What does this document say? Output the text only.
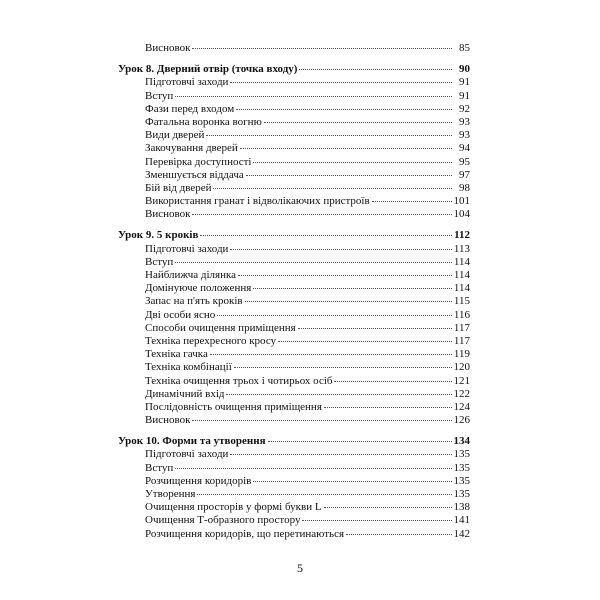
Висновок	85
Урок 8. Дверний отвір (точка входу)	90
Підготовчі заходи	91
Вступ	91
Фази перед входом	92
Фатальна воронка вогню	93
Види дверей	93
Закочування дверей	94
Перевірка доступності	95
Зменшується віддача	97
Бій від дверей	98
Використання гранат і відволікаючих пристроїв	101
Висновок	104
Урок 9. 5 кроків	112
Підготовчі заходи	113
Вступ	114
Найближча ділянка	114
Домінуюче положення	114
Запас на п'ять кроків	115
Дві особи ясно	116
Способи очищення приміщення	117
Техніка перехресного кросу	117
Техніка гачка	119
Техніка комбінації	120
Техніка очищення трьох і чотирьох осіб	121
Динамічний вхід	122
Послідовність очищення приміщення	124
Висновок	126
Урок 10. Форми та утворення	134
Підготовчі заходи	135
Вступ	135
Розчищення коридорів	135
Утворення	135
Очищення просторів у формі букви L	138
Очищення Т-образного простору	141
Розчищення коридорів, що перетинаються	142
5
